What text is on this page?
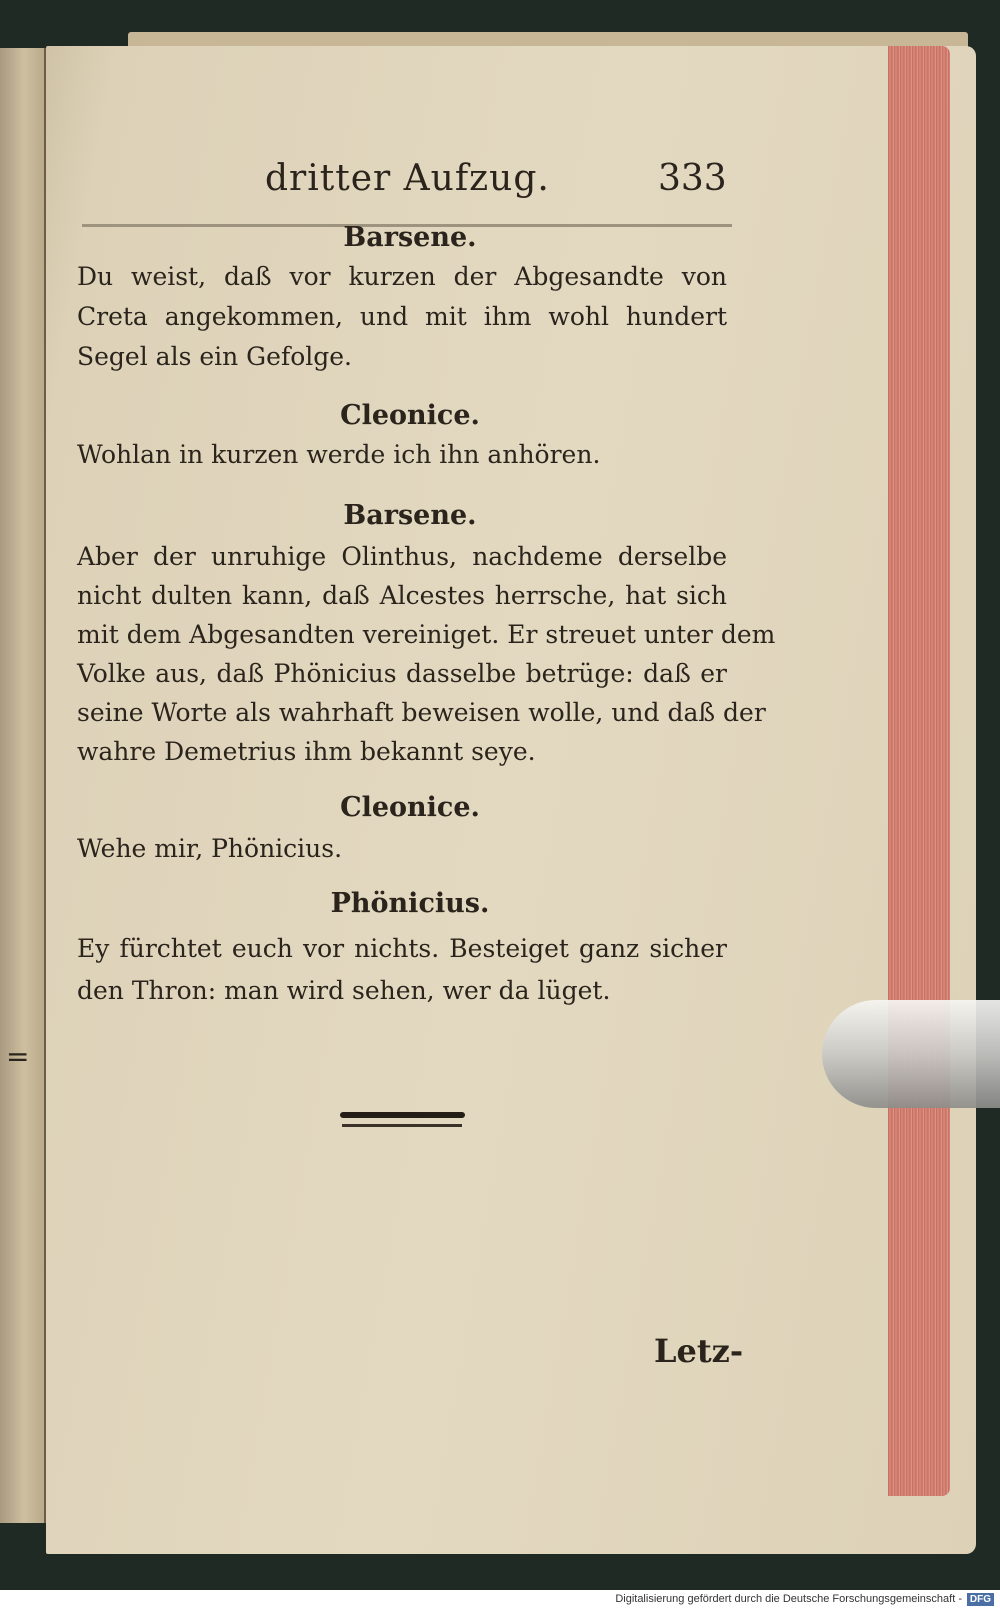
=
dritter Aufzug.	333
Barsene.
Du weist, daß vor kurzen der Abgesandte von
Creta angekommen, und mit ihm wohl hundert
Segel als ein Gefolge.
Cleonice.
Wohlan in kurzen werde ich ihn anhören.
Barsene.
Aber der unruhige Olinthus, nachdeme derselbe
nicht dulten kann, daß Alcestes herrsche, hat sich
mit dem Abgesandten vereiniget. Er streuet unter dem
Volke aus, daß Phönicius dasselbe betrüge: daß er
seine Worte als wahrhaft beweisen wolle, und daß der
wahre Demetrius ihm bekannt seye.
Cleonice.
Wehe mir, Phönicius.
Phönicius.
Ey fürchtet euch vor nichts. Besteiget ganz sicher
den Thron: man wird sehen, wer da lüget.
Letz-
Digitalisierung gefördert durch die Deutsche Forschungsgemeinschaft - DFG
